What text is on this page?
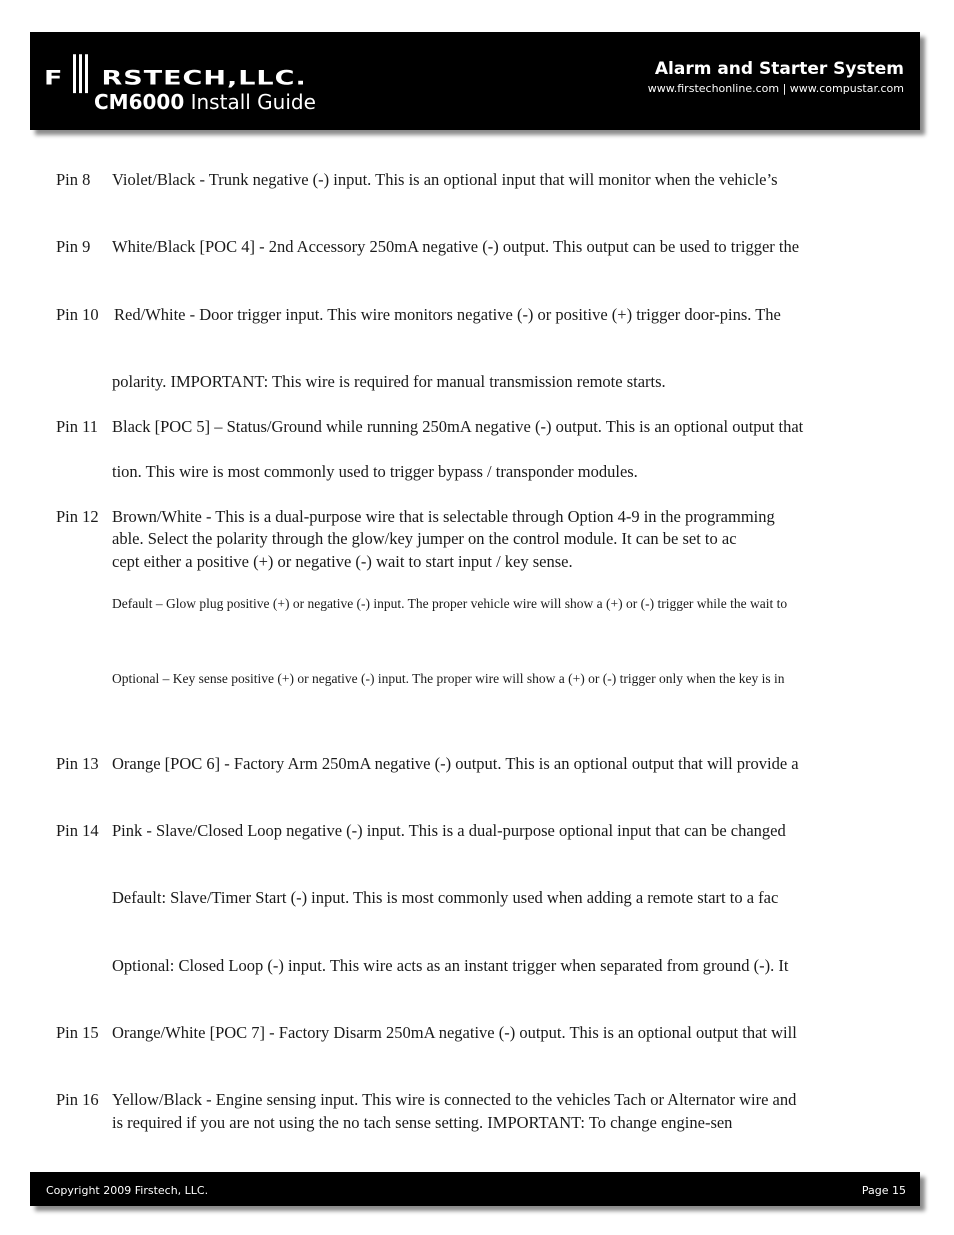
F RSTECH,LLC.
CM6000 Install Guide
Alarm and Starter System
www.firstechonline.com | www.compustar.com
Pin 8 Violet/Black - Trunk negative (-) input. This is an optional input that will monitor when the vehicle’s
Pin 9 White/Black [POC 4] - 2nd Accessory 250mA negative (-) output. This output can be used to trigger the
Pin 10 Red/White - Door trigger input. This wire monitors negative (-) or positive (+) trigger door-pins. The
polarity. IMPORTANT: This wire is required for manual transmission remote starts.
Pin 11 Black [POC 5] – Status/Ground while running 250mA negative (-) output. This is an optional output that
tion. This wire is most commonly used to trigger bypass / transponder modules.
Pin 12 Brown/White - This is a dual-purpose wire that is selectable through Option 4-9 in the programming
able. Select the polarity through the glow/key jumper on the control module. It can be set to ac
cept either a positive (+) or negative (-) wait to start input / key sense.
Default – Glow plug positive (+) or negative (-) input. The proper vehicle wire will show a (+) or (-) trigger while the wait to
Optional – Key sense positive (+) or negative (-) input. The proper wire will show a (+) or (-) trigger only when the key is in
Pin 13 Orange [POC 6] - Factory Arm 250mA negative (-) output. This is an optional output that will provide a
Pin 14 Pink - Slave/Closed Loop negative (-) input. This is a dual-purpose optional input that can be changed
Default: Slave/Timer Start (-) input. This is most commonly used when adding a remote start to a fac
Optional: Closed Loop (-) input. This wire acts as an instant trigger when separated from ground (-). It
Pin 15 Orange/White [POC 7] - Factory Disarm 250mA negative (-) output. This is an optional output that will
Pin 16 Yellow/Black - Engine sensing input. This wire is connected to the vehicles Tach or Alternator wire and
is required if you are not using the no tach sense setting. IMPORTANT: To change engine-sen
Copyright 2009 Firstech, LLC.	Page 15
